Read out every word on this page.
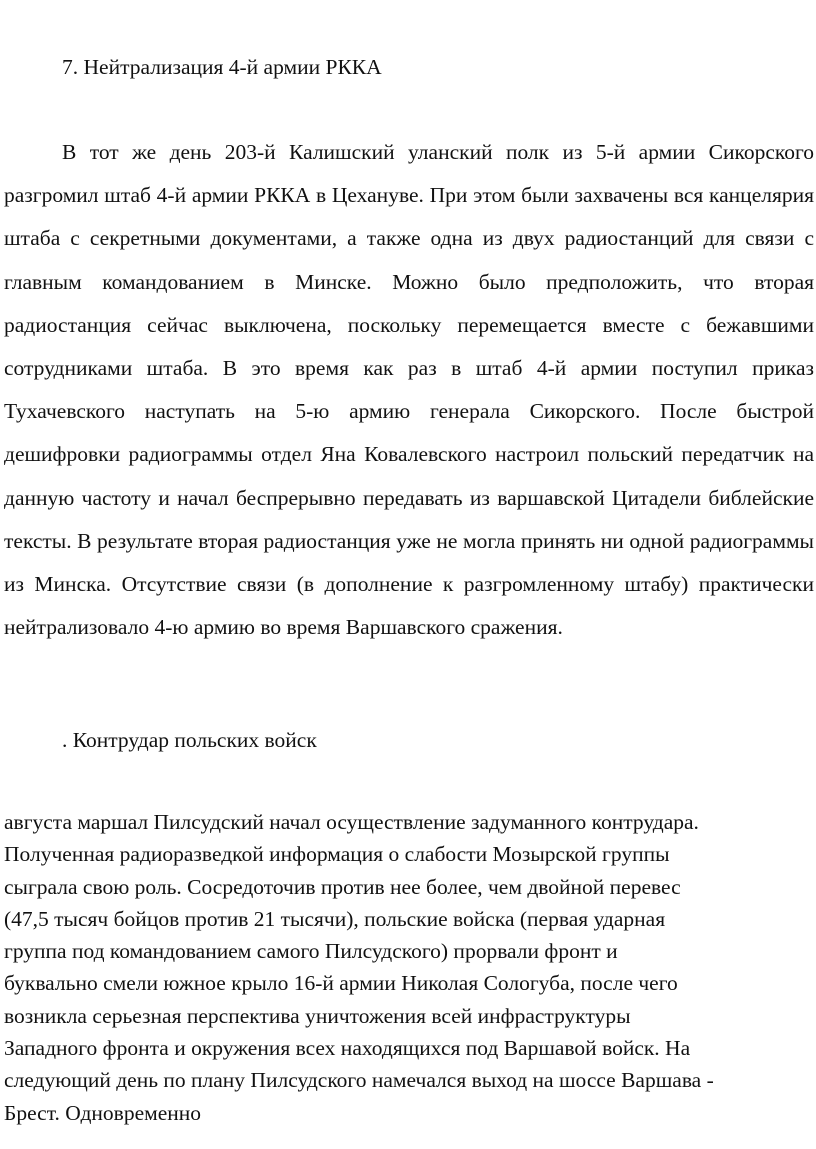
7. Нейтрализация 4-й армии РККА

В тот же день 203-й Калишский уланский полк из 5-й армии Сикорского разгромил штаб 4-й армии РККА в Цехануве. При этом были захвачены вся канцелярия штаба с секретными документами, а также одна из двух радиостанций для связи с главным командованием в Минске. Можно было предположить, что вторая радиостанция сейчас выключена, поскольку перемещается вместе с бежавшими сотрудниками штаба. В это время как раз в штаб 4-й армии поступил приказ Тухачевского наступать на 5-ю армию генерала Сикорского. После быстрой дешифровки радиограммы отдел Яна Ковалевского настроил польский передатчик на данную частоту и начал беспрерывно передавать из варшавской Цитадели библейские тексты. В результате вторая радиостанция уже не могла принять ни одной радиограммы из Минска. Отсутствие связи (в дополнение к разгромленному штабу) практически нейтрализовало 4-ю армию во время Варшавского сражения.

. Контрудар польских войск

августа маршал Пилсудский начал осуществление задуманного контрудара.
Полученная радиоразведкой информация о слабости Мозырской группы
сыграла свою роль. Сосредоточив против нее более, чем двойной перевес
(47,5 тысяч бойцов против 21 тысячи), польские войска (первая ударная
группа под командованием самого Пилсудского) прорвали фронт и
буквально смели южное крыло 16-й армии Николая Сологуба, после чего
возникла серьезная перспектива уничтожения всей инфраструктуры
Западного фронта и окружения всех находящихся под Варшавой войск. На
следующий день по плану Пилсудского намечался выход на шоссе Варшава -
Брест. Одновременно
